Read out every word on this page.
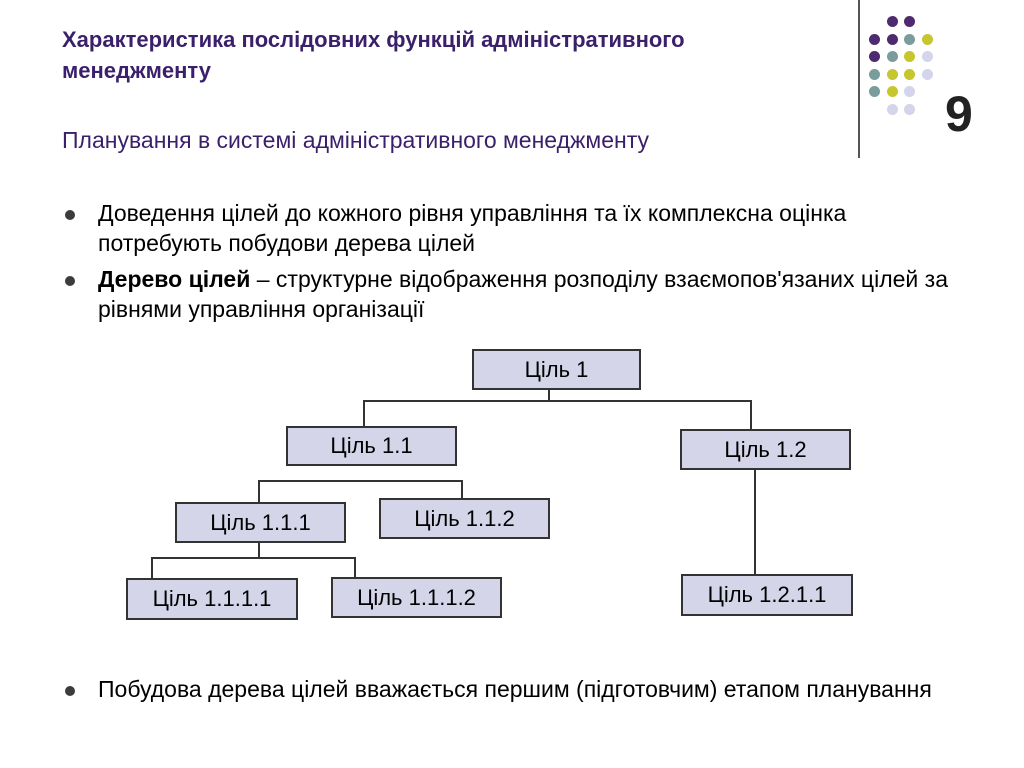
Характеристика послідовних функцій адміністративного менеджменту
Планування в системі адміністративного менеджменту	9
Доведення цілей до кожного рівня управління та їх комплексна оцінка потребують побудови дерева цілей
Дерево цілей – структурне відображення розподілу взаємопов'язаних цілей за рівнями управління організації
Ціль 1
Ціль 1.1	Ціль 1.2
Ціль 1.1.1	Ціль 1.1.2
Ціль 1.1.1.1	Ціль 1.1.1.2	Ціль 1.2.1.1
Побудова дерева цілей вважається першим (підготовчим) етапом планування
